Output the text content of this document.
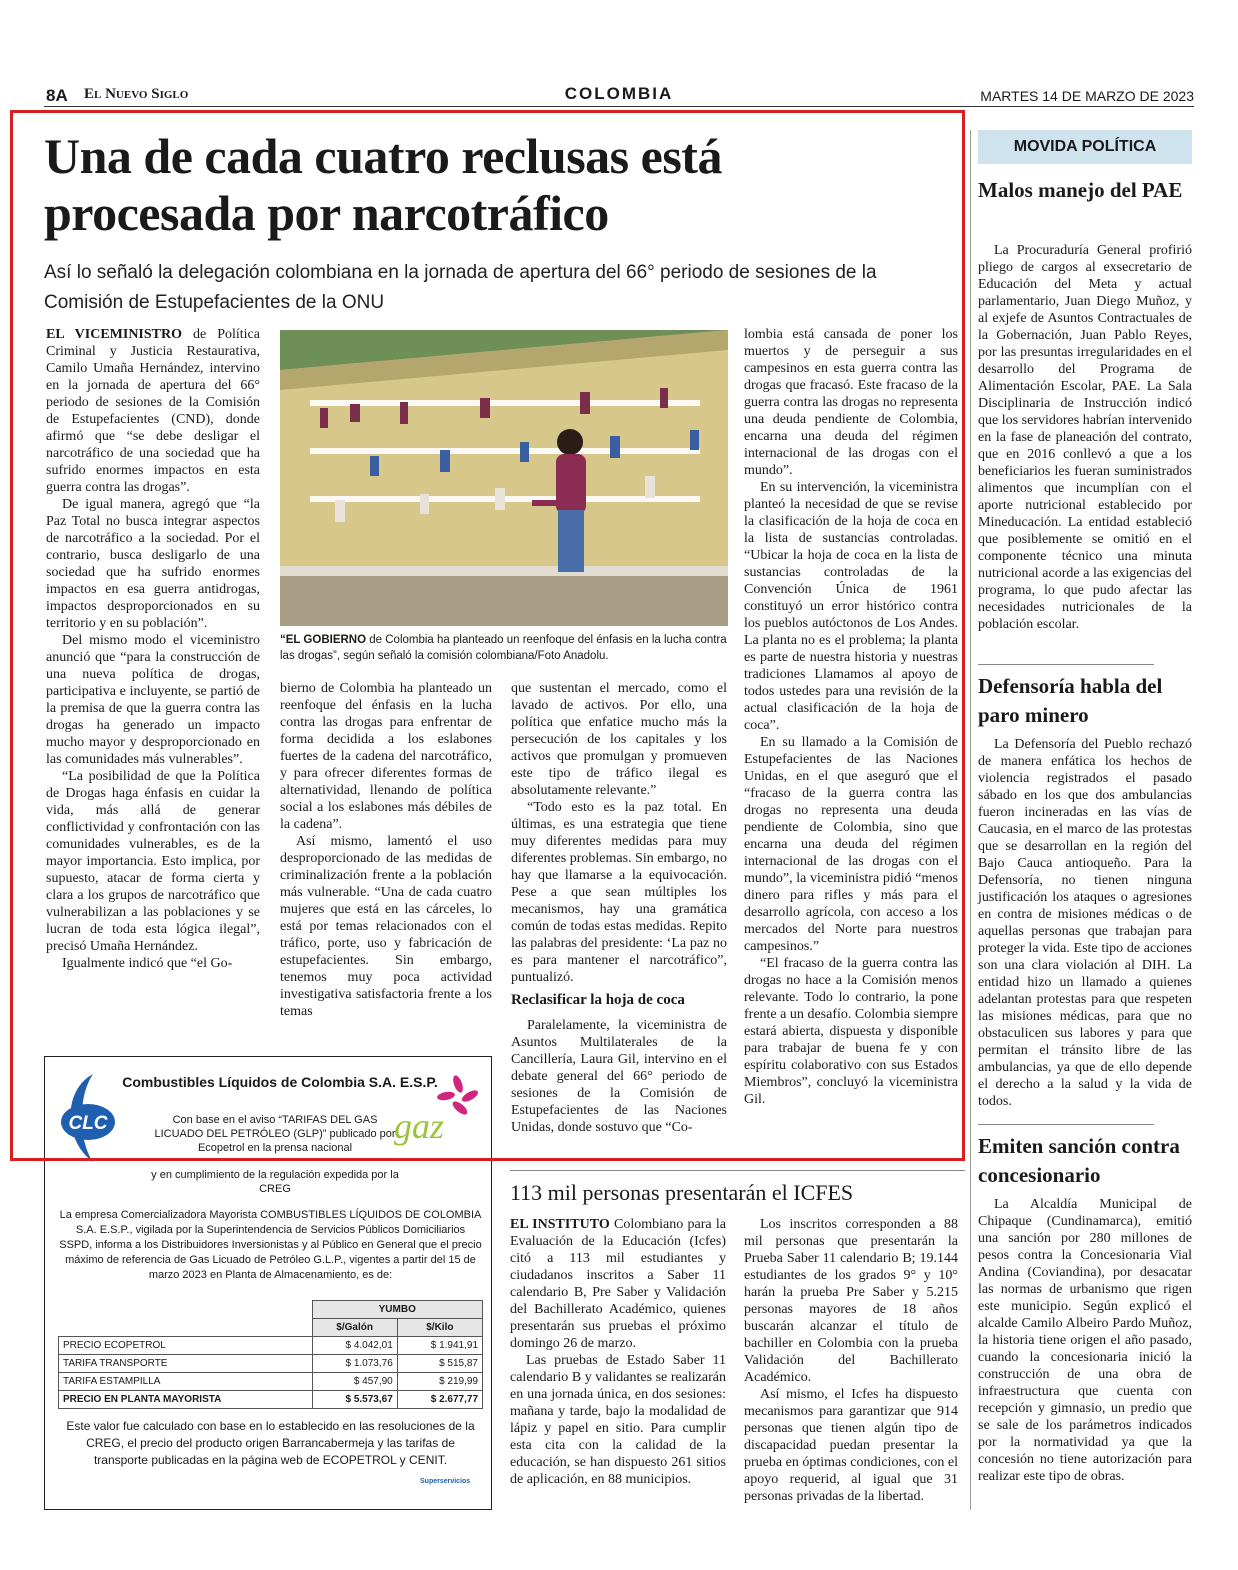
8A El Nuevo Siglo	COLOMBIA	MARTES 14 DE MARZO DE 2023
Una de cada cuatro reclusas está procesada por narcotráfico
Así lo señaló la delegación colombiana en la jornada de apertura del 66° periodo de sesiones de la Comisión de Estupefacientes de la ONU

EL VICEMINISTRO de Política Criminal y Justicia Restaurativa, Camilo Umaña Hernández, intervino en la jornada de apertura del 66° periodo de sesiones de la Comisión de Estupefacientes (CND), donde afirmó que “se debe desligar el narcotráfico de una sociedad que ha sufrido enormes impactos en esta guerra contra las drogas”.

De igual manera, agregó que “la Paz Total no busca integrar aspectos de narcotráfico a la sociedad. Por el contrario, busca desligarlo de una sociedad que ha sufrido enormes impactos en esa guerra antidrogas, impactos desproporcionados en su territorio y en su población”.

Del mismo modo el viceministro anunció que “para la construcción de una nueva política de drogas, participativa e incluyente, se partió de la premisa de que la guerra contra las drogas ha generado un impacto mucho mayor y desproporcionado en las comunidades más vulnerables”.

“La posibilidad de que la Política de Drogas haga énfasis en cuidar la vida, más allá de generar conflictividad y confrontación con las comunidades vulnerables, es de la mayor importancia. Esto implica, por supuesto, atacar de forma cierta y clara a los grupos de narcotráfico que vulnerabilizan a las poblaciones y se lucran de toda esta lógica ilegal”, precisó Umaña Hernández.

Igualmente indicó que “el Go-

“EL GOBIERNO de Colombia ha planteado un reenfoque del énfasis en la lucha contra las drogas”, según señaló la comisión colombiana/Foto Anadolu.

bierno de Colombia ha planteado un reenfoque del énfasis en la lucha contra las drogas para enfrentar de forma decidida a los eslabones fuertes de la cadena del narcotráfico, y para ofrecer diferentes formas de alternatividad, llenando de política social a los eslabones más débiles de la cadena”.

Así mismo, lamentó el uso desproporcionado de las medidas de criminalización frente a la población más vulnerable. “Una de cada cuatro mujeres que está en las cárceles, lo está por temas relacionados con el tráfico, porte, uso y fabricación de estupefacientes. Sin embargo, tenemos muy poca actividad investigativa satisfactoria frente a los temas

que sustentan el mercado, como el lavado de activos. Por ello, una política que enfatice mucho más la persecución de los capitales y los activos que promulgan y promueven este tipo de tráfico ilegal es absolutamente relevante.”

“Todo esto es la paz total. En últimas, es una estrategia que tiene muy diferentes medidas para muy diferentes problemas. Sin embargo, no hay que llamarse a la equivocación. Pese a que sean múltiples los mecanismos, hay una gramática común de todas estas medidas. Repito las palabras del presidente: ‘La paz no es para mantener el narcotráfico”, puntualizó.

Reclasificar la hoja de coca

Paralelamente, la viceministra de Asuntos Multilaterales de la Cancillería, Laura Gil, intervino en el debate general del 66° periodo de sesiones de la Comisión de Estupefacientes de las Naciones Unidas, donde sostuvo que “Co-

lombia está cansada de poner los muertos y de perseguir a sus campesinos en esta guerra contra las drogas que fracasó. Este fracaso de la guerra contra las drogas no representa una deuda pendiente de Colombia, encarna una deuda del régimen internacional de las drogas con el mundo”.

En su intervención, la viceministra planteó la necesidad de que se revise la clasificación de la hoja de coca en la lista de sustancias controladas. “Ubicar la hoja de coca en la lista de sustancias controladas de la Convención Única de 1961 constituyó un error histórico contra los pueblos autóctonos de Los Andes. La planta no es el problema; la planta es parte de nuestra historia y nuestras tradiciones Llamamos al apoyo de todos ustedes para una revisión de la actual clasificación de la hoja de coca”.

En su llamado a la Comisión de Estupefacientes de las Naciones Unidas, en el que aseguró que el “fracaso de la guerra contra las drogas no representa una deuda pendiente de Colombia, sino que encarna una deuda del régimen internacional de las drogas con el mundo”, la viceministra pidió “menos dinero para rifles y más para el desarrollo agrícola, con acceso a los mercados del Norte para nuestros campesinos.”

“El fracaso de la guerra contra las drogas no hace a la Comisión menos relevante. Todo lo contrario, la pone frente a un desafío. Colombia siempre estará abierta, dispuesta y disponible para trabajar de buena fe y con espíritu colaborativo con sus Estados Miembros”, concluyó la viceministra Gil.

MOVIDA POLÍTICA
Malos manejo del PAE

La Procuraduría General profirió pliego de cargos al exsecretario de Educación del Meta y actual parlamentario, Juan Diego Muñoz, y al exjefe de Asuntos Contractuales de la Gobernación, Juan Pablo Reyes, por las presuntas irregularidades en el desarrollo del Programa de Alimentación Escolar, PAE. La Sala Disciplinaria de Instrucción indicó que los servidores habrían intervenido en la fase de planeación del contrato, que en 2016 conllevó a que a los beneficiarios les fueran suministrados alimentos que incumplían con el aporte nutricional establecido por Mineducación. La entidad estableció que posiblemente se omitió en el componente técnico una minuta nutricional acorde a las exigencias del programa, lo que pudo afectar las necesidades nutricionales de la población escolar.

Defensoría habla del paro minero

La Defensoría del Pueblo rechazó de manera enfática los hechos de violencia registrados el pasado sábado en los que dos ambulancias fueron incineradas en las vías de Caucasia, en el marco de las protestas que se desarrollan en la región del Bajo Cauca antioqueño. Para la Defensoría, no tienen ninguna justificación los ataques o agresiones en contra de misiones médicas o de aquellas personas que trabajan para proteger la vida. Este tipo de acciones son una clara violación al DIH. La entidad hizo un llamado a quienes adelantan protestas para que respeten las misiones médicas, para que no obstaculicen sus labores y para que permitan el tránsito libre de las ambulancias, ya que de ello depende el derecho a la salud y la vida de todos.

Emiten sanción contra concesionario

La Alcaldía Municipal de Chipaque (Cundinamarca), emitió una sanción por 280 millones de pesos contra la Concesionaria Vial Andina (Coviandina), por desacatar las normas de urbanismo que rigen este municipio. Según explicó el alcalde Camilo Albeiro Pardo Muñoz, la historia tiene origen el año pasado, cuando la concesionaria inició la construcción de una obra de infraestructura que cuenta con recepción y gimnasio, un predio que se sale de los parámetros indicados por la normatividad ya que la concesión no tiene autorización para realizar este tipo de obras.

CLC	gaz
Combustibles Líquidos de Colombia S.A. E.S.P.
Con base en el aviso “TARIFAS DEL GAS LICUADO DEL PETRÓLEO (GLP)” publicado por Ecopetrol en la prensa nacional
y en cumplimiento de la regulación expedida por la CREG
La empresa Comercializadora Mayorista COMBUSTIBLES LÍQUIDOS DE COLOMBIA S.A. E.S.P., vigilada por la Superintendencia de Servicios Públicos Domiciliarios SSPD, informa a los Distribuidores Inversionistas y al Público en General que el precio máximo de referencia de Gas Licuado de Petróleo G.L.P., vigentes a partir del 15 de marzo 2023 en Planta de Almacenamiento, es de:
	YUMBO	
	$/Galón	$/Kilo
PRECIO ECOPETROL	$ 4.042,01	$ 1.941,91
TARIFA TRANSPORTE	$ 1.073,76	$ 515,87
TARIFA ESTAMPILLA	$ 457,90	$ 219,99
PRECIO EN PLANTA MAYORISTA	$ 5.573,67	$ 2.677,77
Este valor fue calculado con base en lo establecido en las resoluciones de la CREG, el precio del producto origen Barrancabermeja y las tarifas de transporte publicadas en la página web de ECOPETROL y CENIT.
Superservicios
113 mil personas presentarán el ICFES

EL INSTITUTO Colombiano para la Evaluación de la Educación (Icfes) citó a 113 mil estudiantes y ciudadanos inscritos a Saber 11 calendario B, Pre Saber y Validación del Bachillerato Académico, quienes presentarán sus pruebas el próximo domingo 26 de marzo.

Las pruebas de Estado Saber 11 calendario B y validantes se realizarán en una jornada única, en dos sesiones: mañana y tarde, bajo la modalidad de lápiz y papel en sitio. Para cumplir esta cita con la calidad de la educación, se han dispuesto 261 sitios de aplicación, en 88 municipios.

Los inscritos corresponden a 88 mil personas que presentarán la Prueba Saber 11 calendario B; 19.144 estudiantes de los grados 9° y 10° harán la prueba Pre Saber y 5.215 personas mayores de 18 años buscarán alcanzar el título de bachiller en Colombia con la prueba Validación del Bachillerato Académico.

Así mismo, el Icfes ha dispuesto mecanismos para garantizar que 914 personas que tienen algún tipo de discapacidad puedan presentar la prueba en óptimas condiciones, con el apoyo requerid, al igual que 31 personas privadas de la libertad.
